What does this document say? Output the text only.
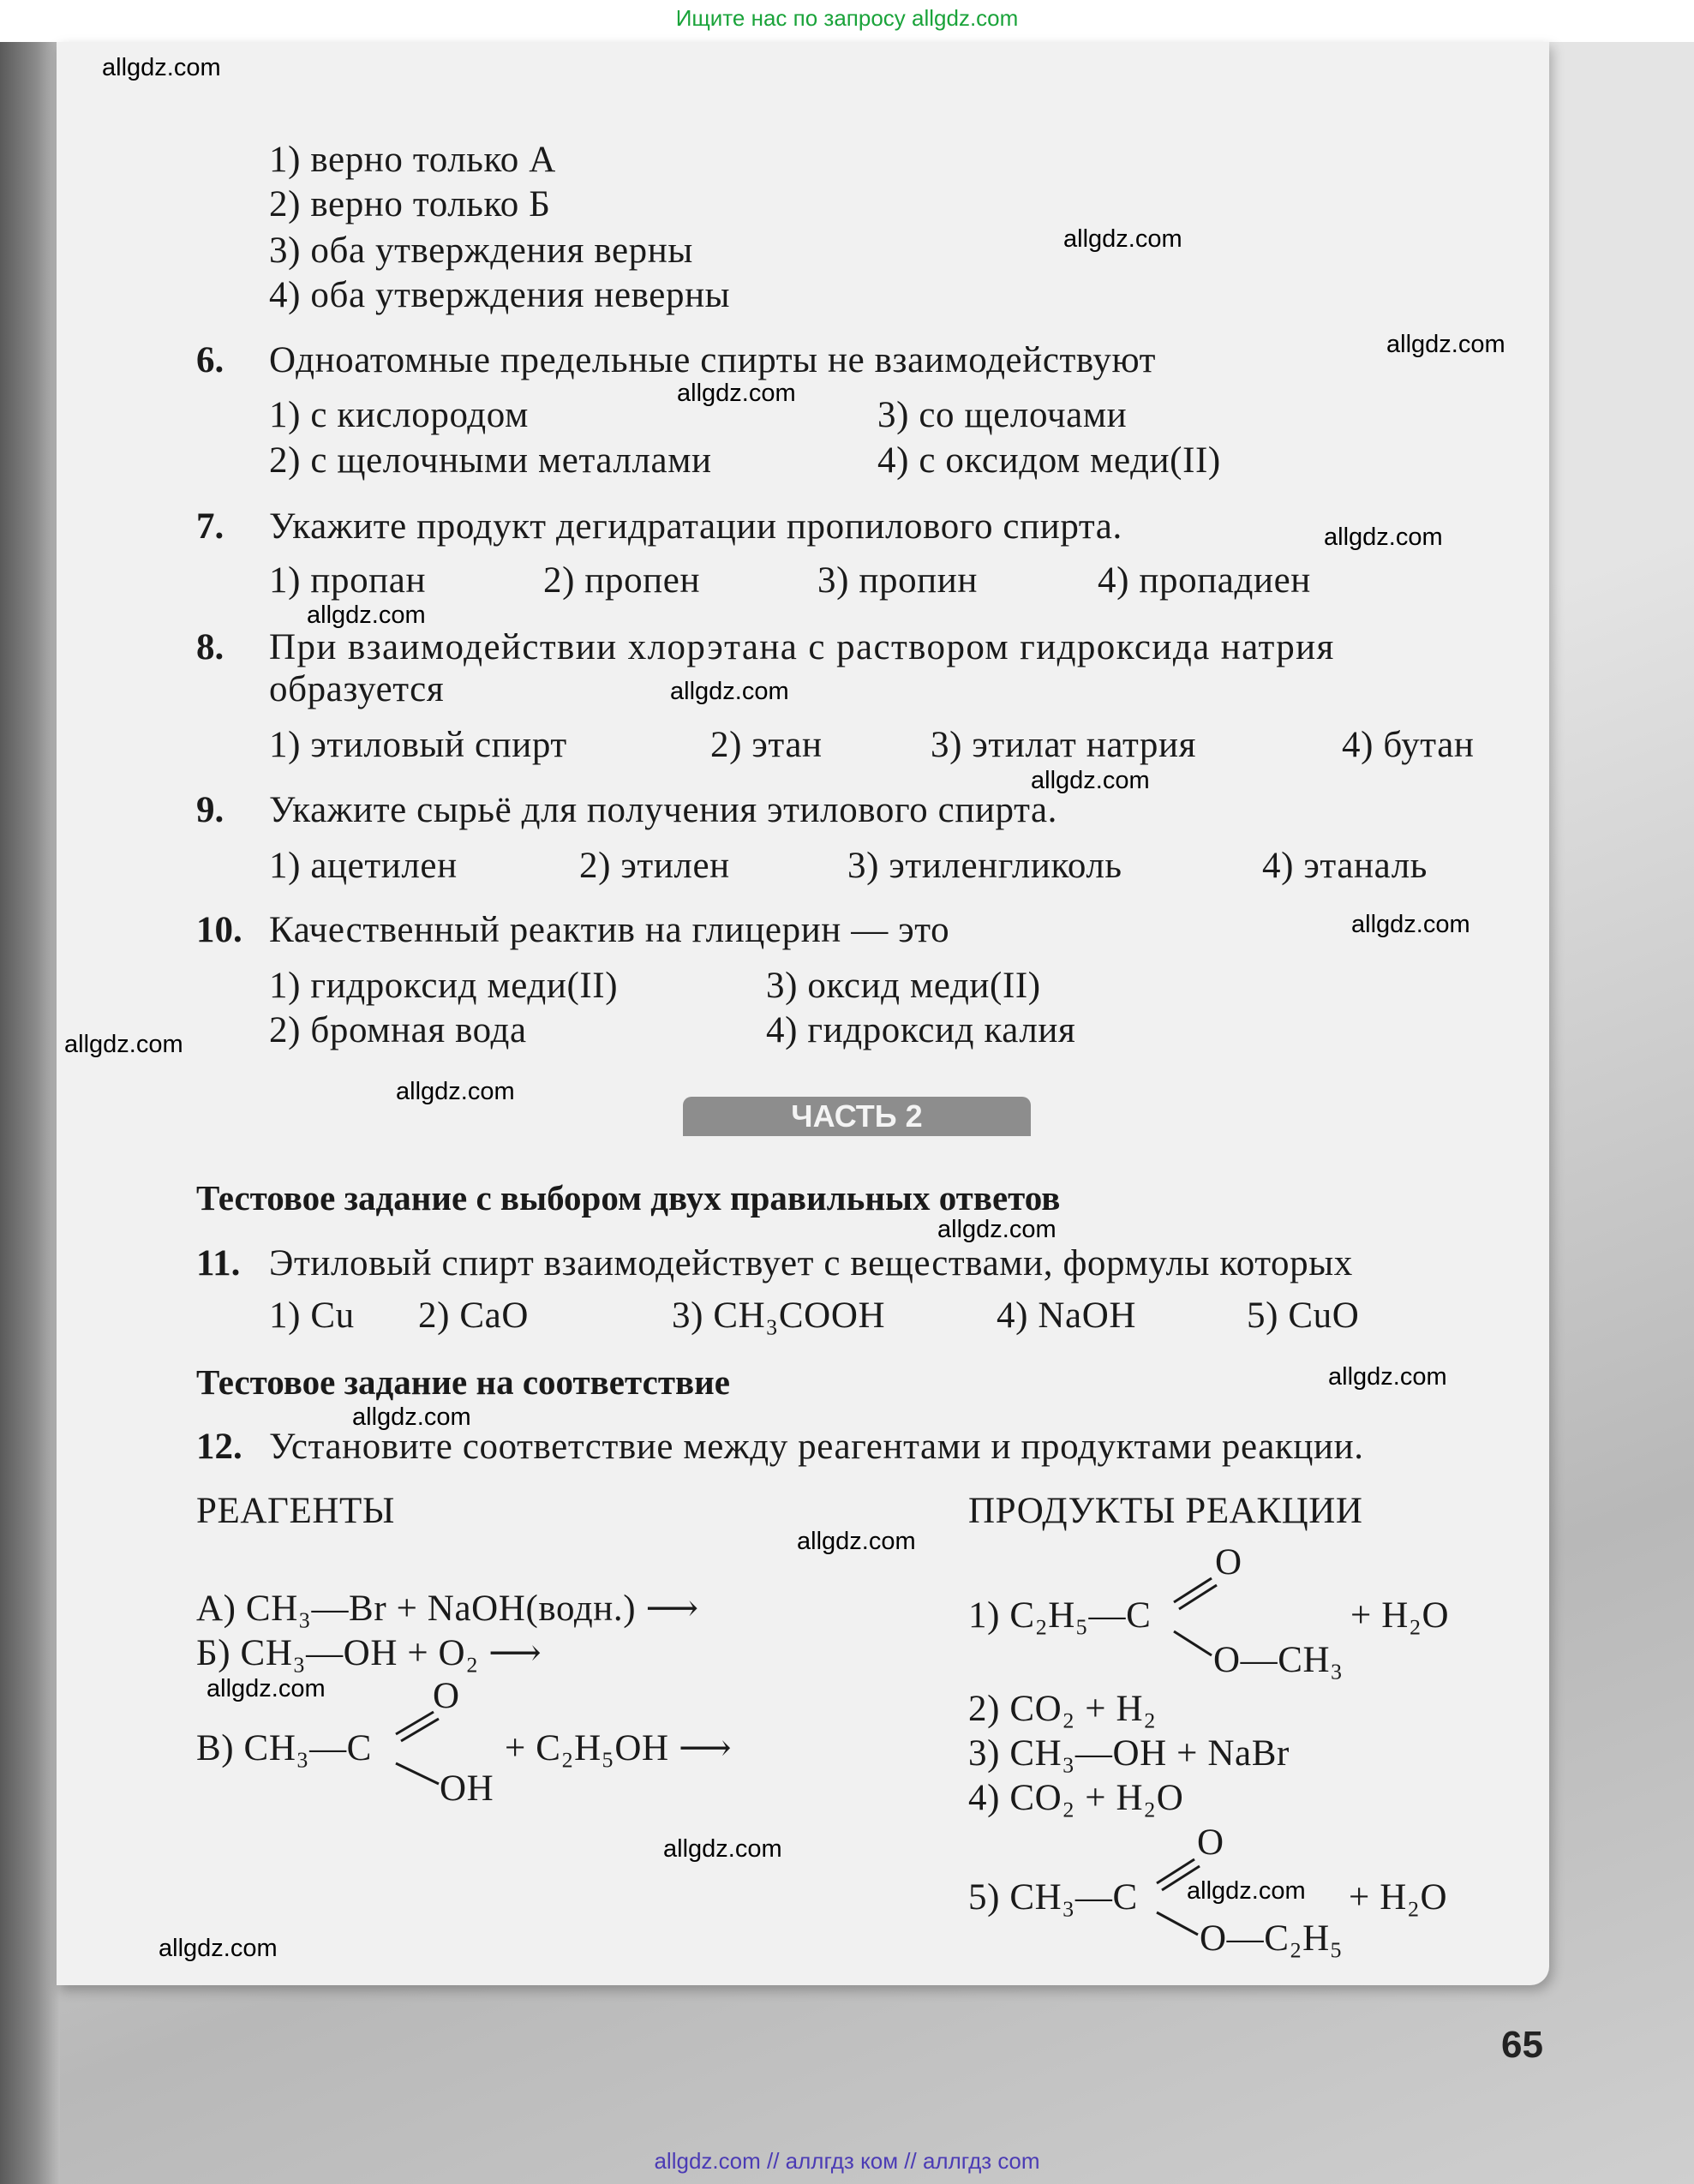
Ищите нас по запросу allgdz.com
1) верно только А
2) верно только Б
3) оба утверждения верны
4) оба утверждения неверны
6. Одноатомные предельные спирты не взаимодействуют
1) с кислородом
2) с щелочными металлами
3) со щелочами
4) с оксидом меди(II)
7. Укажите продукт дегидратации пропилового спирта.
1) пропан	2) пропен	3) пропин	4) пропадиен
8. При взаимодействии хлорэтана с раствором гидроксида натрия
образуется
1) этиловый спирт	2) этан	3) этилат натрия	4) бутан
9. Укажите сырьё для получения этилового спирта.
1) ацетилен	2) этилен	3) этиленгликоль	4) этаналь
10. Качественный реактив на глицерин — это
1) гидроксид меди(II)
2) бромная вода
3) оксид меди(II)
4) гидроксид калия
ЧАСТЬ 2
Тестовое задание с выбором двух правильных ответов
11. Этиловый спирт взаимодействует с веществами, формулы которых
1) Cu 2) CaO	3) CH₃COOH	4) NaOH	5) CuO
Тестовое задание на соответствие
12. Установите соответствие между реагентами и продуктами реакции.
РЕАГЕНТЫ	ПРОДУКТЫ РЕАКЦИИ
А) CH₃—Br + NaOH(водн.) ⟶
Б) CH₃—OH + O₂ ⟶
В) CH₃—C
O
OH
+ C₂H₅OH ⟶
1) C₂H₅—C
O
O—CH₃
+ H₂O
2) CO₂ + H₂
3) CH₃—OH + NaBr
4) CO₂ + H₂O
5) CH₃—C
O
O—C₂H₅
+ H₂O
allgdz.com
allgdz.com
allgdz.com
allgdz.com
allgdz.com
allgdz.com
allgdz.com
allgdz.com
allgdz.com
allgdz.com
allgdz.com
allgdz.com
allgdz.com
allgdz.com
allgdz.com
allgdz.com
allgdz.com
allgdz.com
allgdz.com
65
allgdz.com // аллгдз ком // аллгдз com
